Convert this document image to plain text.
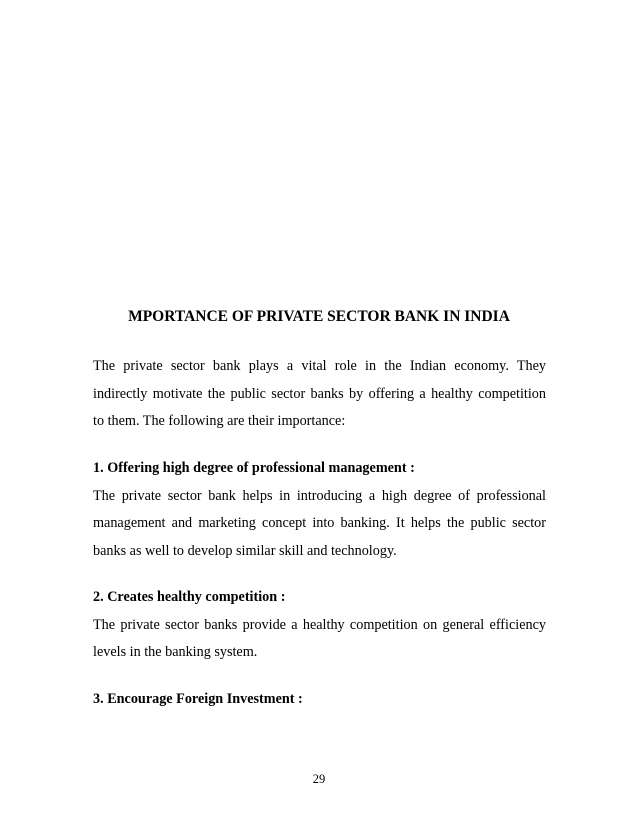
MPORTANCE OF PRIVATE SECTOR BANK IN INDIA
The private sector bank plays a vital role in the Indian economy. They
indirectly motivate the public sector banks by offering a healthy competition
to them. The following are their importance:
1. Offering high degree of professional management :
The private sector bank helps in introducing a high degree of professional
management and marketing concept into banking. It helps the public sector
banks as well to develop similar skill and technology.
2. Creates healthy competition :
The private sector banks provide a healthy competition on general efficiency
levels in the banking system.
3. Encourage Foreign Investment :
29
